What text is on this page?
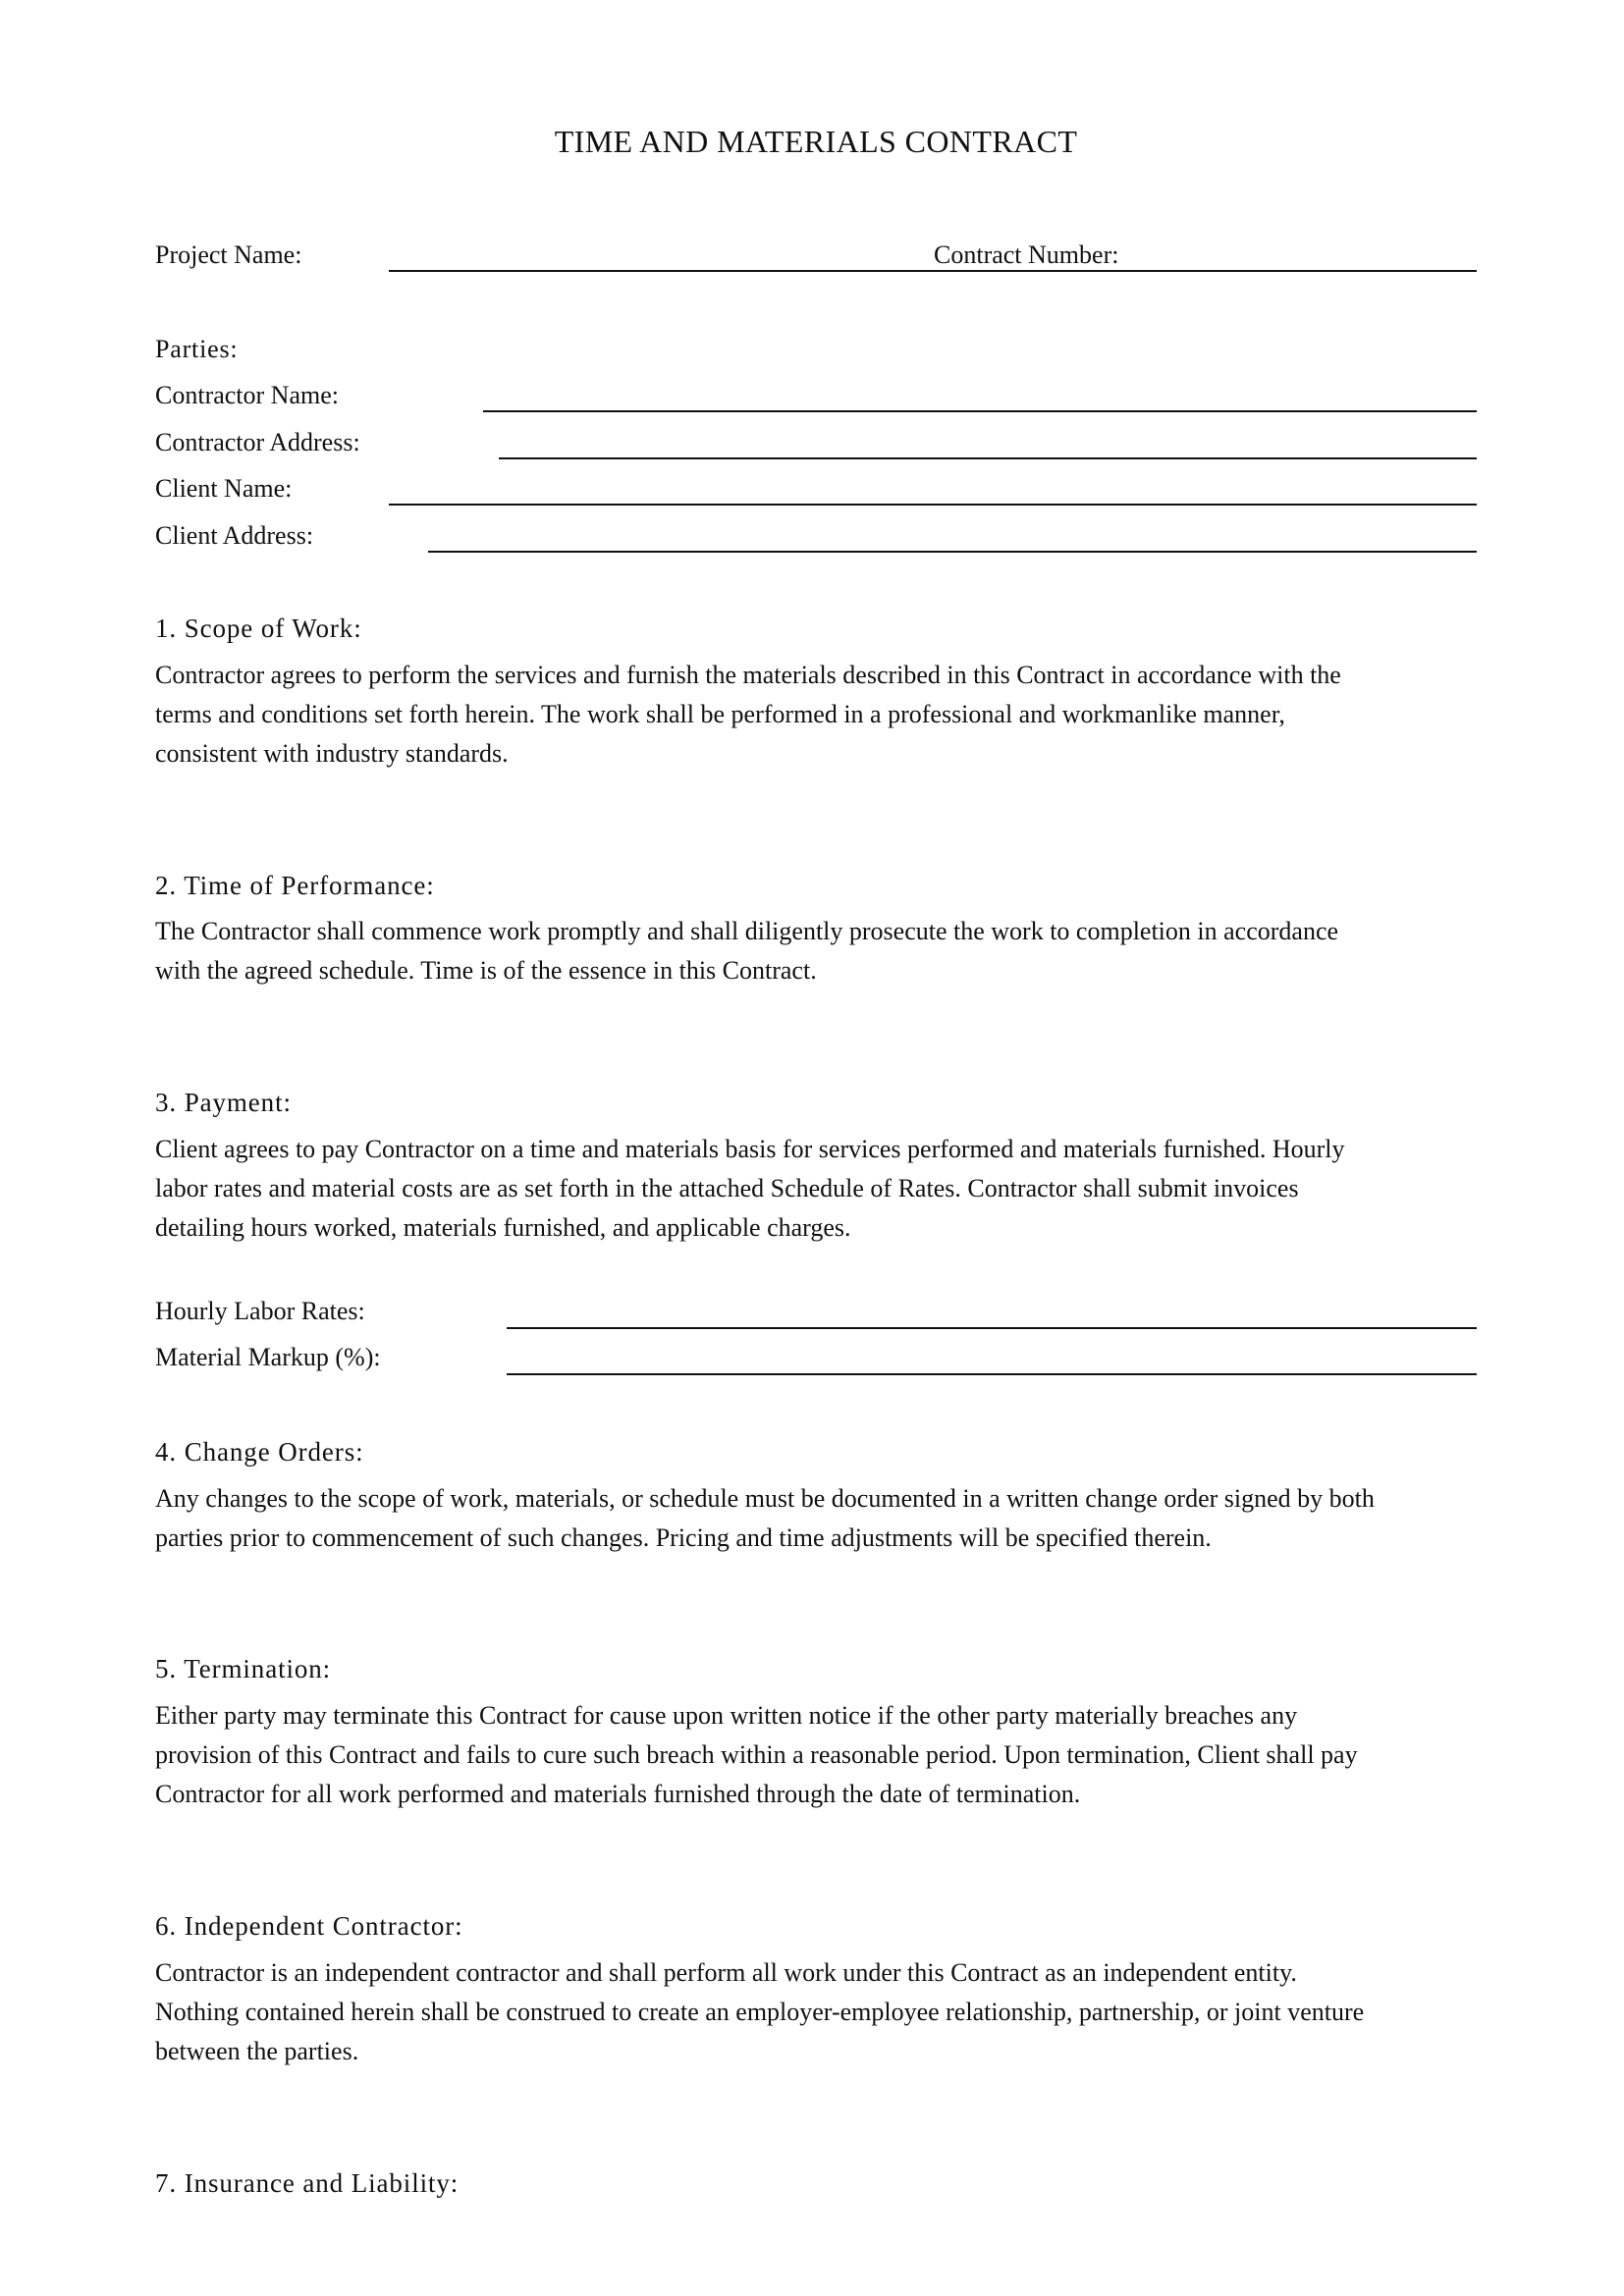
TIME AND MATERIALS CONTRACT
Project Name:	Contract Number:
Parties:
Contractor Name:
Contractor Address:
Client Name:
Client Address:
1. Scope of Work:
Contractor agrees to perform the services and furnish the materials described in this Contract in accordance with the
terms and conditions set forth herein. The work shall be performed in a professional and workmanlike manner,
consistent with industry standards.
2. Time of Performance:
The Contractor shall commence work promptly and shall diligently prosecute the work to completion in accordance
with the agreed schedule. Time is of the essence in this Contract.
3. Payment:
Client agrees to pay Contractor on a time and materials basis for services performed and materials furnished. Hourly
labor rates and material costs are as set forth in the attached Schedule of Rates. Contractor shall submit invoices
detailing hours worked, materials furnished, and applicable charges.
Hourly Labor Rates:
Material Markup (%):
4. Change Orders:
Any changes to the scope of work, materials, or schedule must be documented in a written change order signed by both
parties prior to commencement of such changes. Pricing and time adjustments will be specified therein.
5. Termination:
Either party may terminate this Contract for cause upon written notice if the other party materially breaches any
provision of this Contract and fails to cure such breach within a reasonable period. Upon termination, Client shall pay
Contractor for all work performed and materials furnished through the date of termination.
6. Independent Contractor:
Contractor is an independent contractor and shall perform all work under this Contract as an independent entity.
Nothing contained herein shall be construed to create an employer-employee relationship, partnership, or joint venture
between the parties.
7. Insurance and Liability:
